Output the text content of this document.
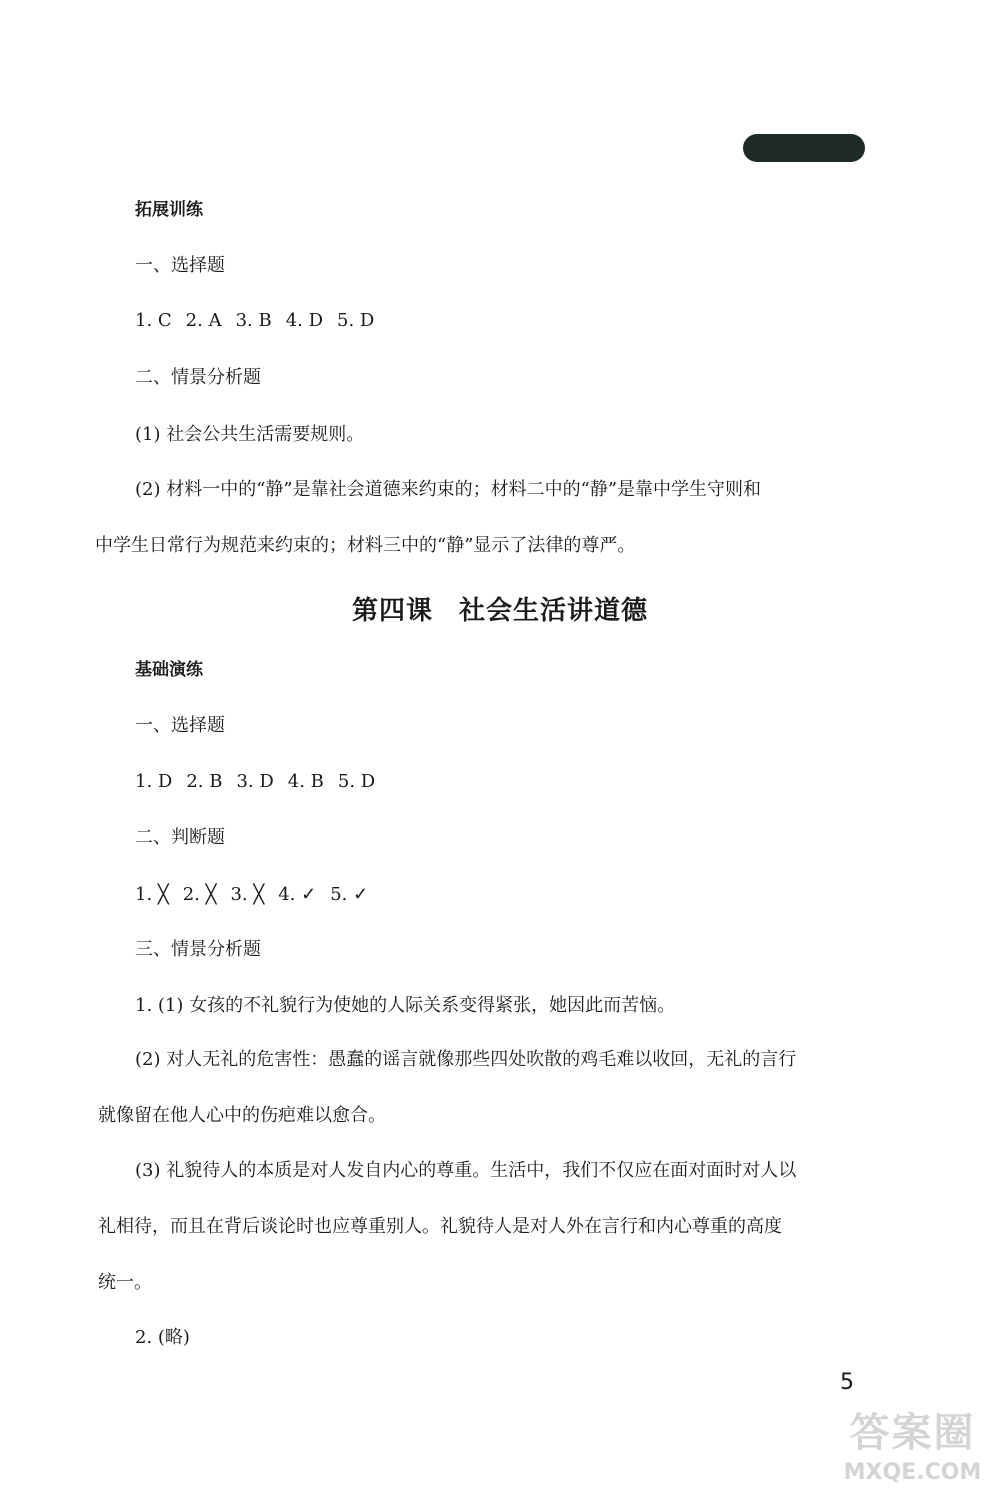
拓展训练
一、选择题
1. C 2. A 3. B 4. D 5. D
二、情景分析题
(1) 社会公共生活需要规则。
(2) 材料一中的“静”是靠社会道德来约束的；材料二中的“静”是靠中学生守则和
中学生日常行为规范来约束的；材料三中的“静”显示了法律的尊严。
第四课 社会生活讲道德
基础演练
一、选择题
1. D 2. B 3. D 4. B 5. D
二、判断题
1. ╳ 2. ╳ 3. ╳ 4. ✓ 5. ✓
三、情景分析题
1. (1) 女孩的不礼貌行为使她的人际关系变得紧张，她因此而苦恼。
(2) 对人无礼的危害性：愚蠢的谣言就像那些四处吹散的鸡毛难以收回，无礼的言行
就像留在他人心中的伤疤难以愈合。
(3) 礼貌待人的本质是对人发自内心的尊重。生活中，我们不仅应在面对面时对人以
礼相待，而且在背后谈论时也应尊重别人。礼貌待人是对人外在言行和内心尊重的高度
统一。
2. (略)
5
答案圈
MXQE.COM
